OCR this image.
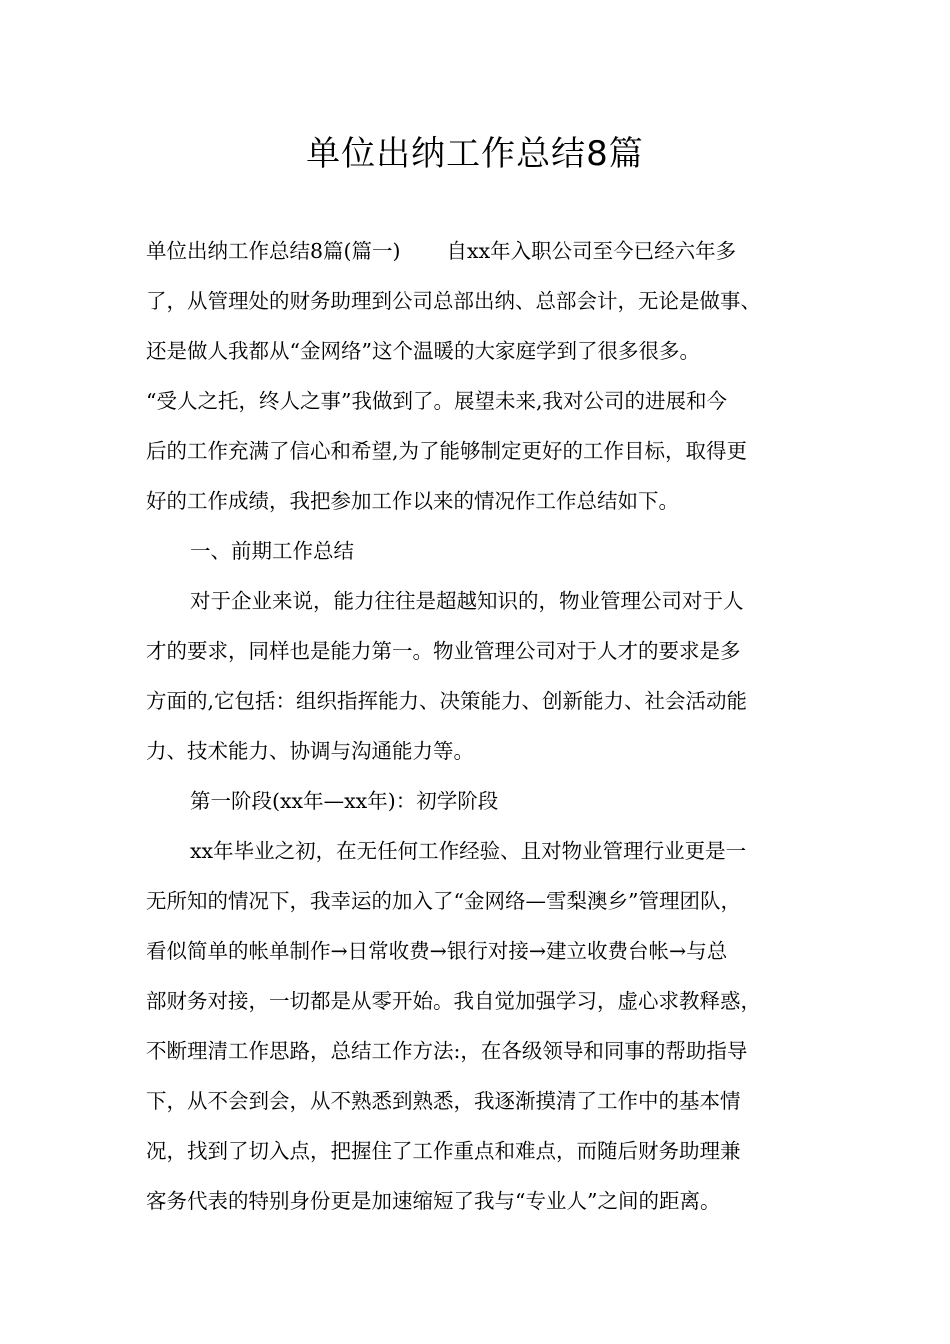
单位出纳工作总结8篇

单位出纳工作总结8篇(篇一) 自xx年入职公司至今已经六年多

了，从管理处的财务助理到公司总部出纳、总部会计，无论是做事、

还是做人我都从“金网络”这个温暖的大家庭学到了很多很多。

“受人之托，终人之事”我做到了。展望未来,我对公司的进展和今

后的工作充满了信心和希望,为了能够制定更好的工作目标，取得更

好的工作成绩，我把参加工作以来的情况作工作总结如下。

一、前期工作总结

对于企业来说，能力往往是超越知识的，物业管理公司对于人

才的要求，同样也是能力第一。物业管理公司对于人才的要求是多

方面的,它包括：组织指挥能力、决策能力、创新能力、社会活动能

力、技术能力、协调与沟通能力等。

第一阶段(xx年—xx年)：初学阶段

xx年毕业之初，在无任何工作经验、且对物业管理行业更是一

无所知的情况下，我幸运的加入了“金网络—雪梨澳乡”管理团队，

看似简单的帐单制作→日常收费→银行对接→建立收费台帐→与总

部财务对接，一切都是从零开始。我自觉加强学习，虚心求教释惑，

不断理清工作思路，总结工作方法:，在各级领导和同事的帮助指导

下，从不会到会，从不熟悉到熟悉，我逐渐摸清了工作中的基本情

况，找到了切入点，把握住了工作重点和难点，而随后财务助理兼

客务代表的特别身份更是加速缩短了我与“专业人”之间的距离。
